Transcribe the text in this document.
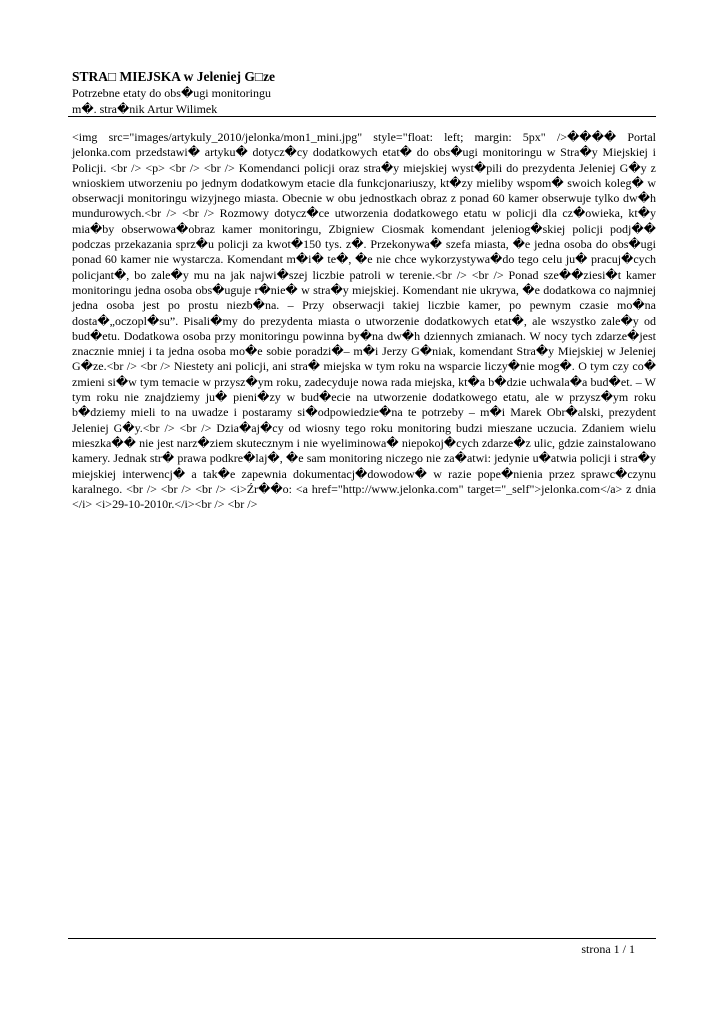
STRA□ MIEJSKA w Jeleniej G□ze
Potrzebne etaty do obs�ugi monitoringu
m�. stra�nik Artur Wilimek
<img src="images/artykuly_2010/jelonka/mon1_mini.jpg" style="float: left; margin: 5px" />���� Portal jelonka.com przedstawi� artyku� dotycz�cy dodatkowych etat� do obs�ugi monitoringu w Stra�y Miejskiej i Policji. <br /> <p> <br /> <br /> Komendanci policji oraz stra�y miejskiej wyst�pili do prezydenta Jeleniej G�y z wnioskiem utworzeniu po jednym dodatkowym etacie dla funkcjonariuszy, kt�zy mieliby wspom� swoich koleg� w obserwacji monitoringu wizyjnego miasta. Obecnie w obu jednostkach obraz z ponad 60 kamer obserwuje tylko dw�h mundurowych.<br /> <br /> Rozmowy dotycz�ce utworzenia dodatkowego etatu w policji dla cz�owieka, kt�y mia�by obserwowa�obraz kamer monitoringu, Zbigniew Ciosmak komendant jeleniog�skiej policji podj�� podczas przekazania sprz�u policji za kwot�150 tys. z�. Przekonywa� szefa miasta, �e jedna osoba do obs�ugi ponad 60 kamer nie wystarcza. Komendant m�i� te�, �e nie chce wykorzystywa�do tego celu ju� pracuj�cych policjant�, bo zale�y mu na jak najwi�szej liczbie patroli w terenie.<br /> <br /> Ponad sze��ziesi�t kamer monitoringu jedna osoba obs�uguje r�nie� w stra�y miejskiej. Komendant nie ukrywa, �e dodatkowa co najmniej jedna osoba jest po prostu niezb�na. – Przy obserwacji takiej liczbie kamer, po pewnym czasie mo�na dosta�„oczopl�su”. Pisali�my do prezydenta miasta o utworzenie dodatkowych etat�, ale wszystko zale�y od bud�etu. Dodatkowa osoba przy monitoringu powinna by�na dw�h dziennych zmianach. W nocy tych zdarze�jest znacznie mniej i ta jedna osoba mo�e sobie poradzi�– m�i Jerzy G�niak, komendant Stra�y Miejskiej w Jeleniej G�ze.<br /> <br /> Niestety ani policji, ani stra� miejska w tym roku na wsparcie liczy�nie mog�. O tym czy co� zmieni si�w tym temacie w przysz�ym roku, zadecyduje nowa rada miejska, kt�a b�dzie uchwala�a bud�et. – W tym roku nie znajdziemy ju� pieni�zy w bud�ecie na utworzenie dodatkowego etatu, ale w przysz�ym roku b�dziemy mieli to na uwadze i postaramy si�odpowiedzie�na te potrzeby – m�i Marek Obr�alski, prezydent Jeleniej G�y.<br /> <br /> Dzia�aj�cy od wiosny tego roku monitoring budzi mieszane uczucia. Zdaniem wielu mieszka�� nie jest narz�ziem skutecznym i nie wyeliminowa� niepokoj�cych zdarze�z ulic, gdzie zainstalowano kamery. Jednak str� prawa podkre�laj�, �e sam monitoring niczego nie za�atwi: jedynie u�atwia policji i stra�y miejskiej interwencj� a tak�e zapewnia dokumentacj�dowodow� w razie pope�nienia przez sprawc�czynu karalnego. <br /> <br /> <br /> <i>Źr��o: <a href="http://www.jelonka.com" target="_self">jelonka.com</a> z dnia </i> <i>29-10-2010r.</i><br /> <br />
strona 1 / 1
